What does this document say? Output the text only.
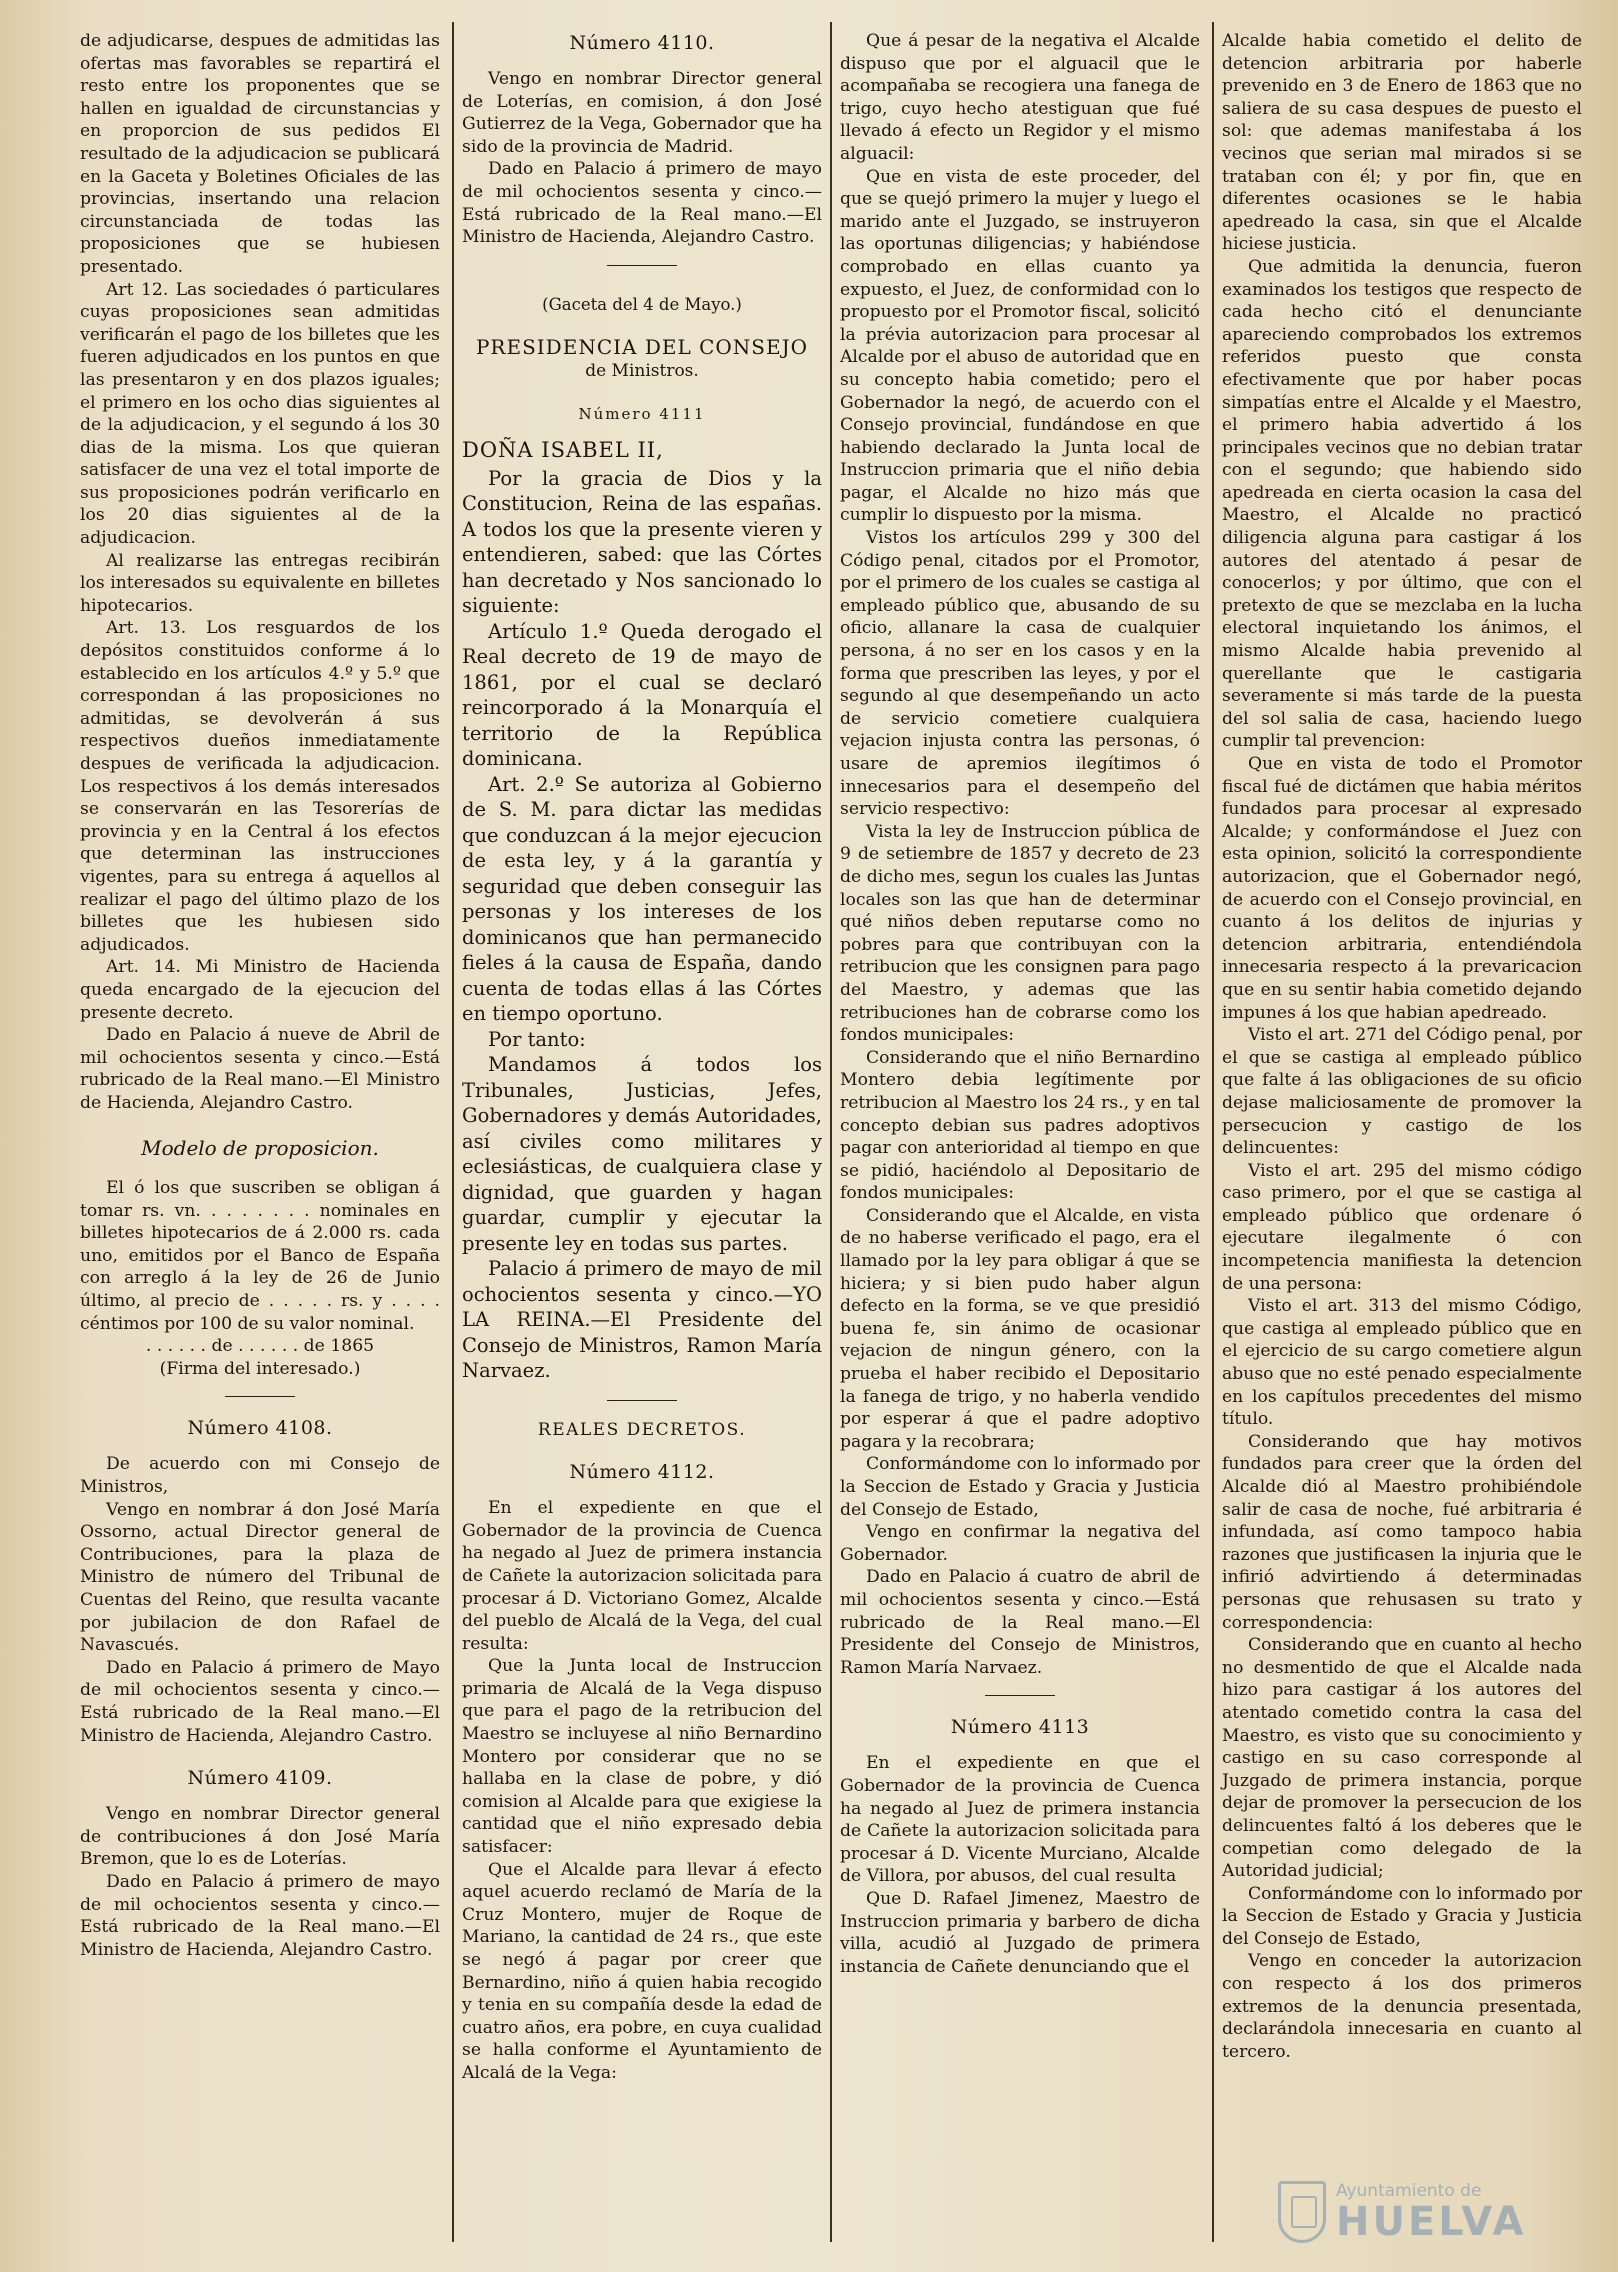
de adjudicarse, despues de admitidas las ofertas mas favorables se repartirá el resto entre los proponentes que se hallen en igualdad de circunstancias y en proporcion de sus pedidos El resultado de la adjudicacion se publicará en la Gaceta y Boletines Oficiales de las provincias, insertando una relacion circunstanciada de todas las proposiciones que se hubiesen presentado.

Art 12. Las sociedades ó particulares cuyas proposiciones sean admitidas verificarán el pago de los billetes que les fueren adjudicados en los puntos en que las presentaron y en dos plazos iguales; el primero en los ocho dias siguientes al de la adjudicacion, y el segundo á los 30 dias de la misma. Los que quieran satisfacer de una vez el total importe de sus proposiciones podrán verificarlo en los 20 dias siguientes al de la adjudicacion.

Al realizarse las entregas recibirán los interesados su equivalente en billetes hipotecarios.

Art. 13. Los resguardos de los depósitos constituidos conforme á lo establecido en los artículos 4.º y 5.º que correspondan á las proposiciones no admitidas, se devolverán á sus respectivos dueños inmediatamente despues de verificada la adjudicacion. Los respectivos á los demás interesados se conservarán en las Tesorerías de provincia y en la Central á los efectos que determinan las instrucciones vigentes, para su entrega á aquellos al realizar el pago del último plazo de los billetes que les hubiesen sido adjudicados.

Art. 14. Mi Ministro de Hacienda queda encargado de la ejecucion del presente decreto.

Dado en Palacio á nueve de Abril de mil ochocientos sesenta y cinco.—Está rubricado de la Real mano.—El Ministro de Hacienda, Alejandro Castro.

Modelo de proposicion.

El ó los que suscriben se obligan á tomar rs. vn. . . . . . . . nominales en billetes hipotecarios de á 2.000 rs. cada uno, emitidos por el Banco de España con arreglo á la ley de 26 de Junio último, al precio de . . . . . rs. y . . . . céntimos por 100 de su valor nominal.

. . . . . . de . . . . . . de 1865
(Firma del interesado.)
Número 4108.

De acuerdo con mi Consejo de Ministros,

Vengo en nombrar á don José María Ossorno, actual Director general de Contribuciones, para la plaza de Ministro de número del Tribunal de Cuentas del Reino, que resulta vacante por jubilacion de don Rafael de Navascués.

Dado en Palacio á primero de Mayo de mil ochocientos sesenta y cinco.—Está rubricado de la Real mano.—El Ministro de Hacienda, Alejandro Castro.

Número 4109.

Vengo en nombrar Director general de contribuciones á don José María Bremon, que lo es de Loterías.

Dado en Palacio á primero de mayo de mil ochocientos sesenta y cinco.—Está rubricado de la Real mano.—El Ministro de Hacienda, Alejandro Castro.

Número 4110.

Vengo en nombrar Director general de Loterías, en comision, á don José Gutierrez de la Vega, Gobernador que ha sido de la provincia de Madrid.

Dado en Palacio á primero de mayo de mil ochocientos sesenta y cinco.—Está rubricado de la Real mano.—El Ministro de Hacienda, Alejandro Castro.

(Gaceta del 4 de Mayo.)
PRESIDENCIA DEL CONSEJO
de Ministros.
Número 4111
DOÑA ISABEL II,

Por la gracia de Dios y la Constitucion, Reina de las españas. A todos los que la presente vieren y entendieren, sabed: que las Córtes han decretado y Nos sancionado lo siguiente:

Artículo 1.º Queda derogado el Real decreto de 19 de mayo de 1861, por el cual se declaró reincorporado á la Monarquía el territorio de la República dominicana.

Art. 2.º Se autoriza al Gobierno de S. M. para dictar las medidas que conduzcan á la mejor ejecucion de esta ley, y á la garantía y seguridad que deben conseguir las personas y los intereses de los dominicanos que han permanecido fieles á la causa de España, dando cuenta de todas ellas á las Córtes en tiempo oportuno.

Por tanto:

Mandamos á todos los Tribunales, Justicias, Jefes, Gobernadores y demás Autoridades, así civiles como militares y eclesiásticas, de cualquiera clase y dignidad, que guarden y hagan guardar, cumplir y ejecutar la presente ley en todas sus partes.

Palacio á primero de mayo de mil ochocientos sesenta y cinco.—YO LA REINA.—El Presidente del Consejo de Ministros, Ramon María Narvaez.

REALES DECRETOS.
Número 4112.

En el expediente en que el Gobernador de la provincia de Cuenca ha negado al Juez de primera instancia de Cañete la autorizacion solicitada para procesar á D. Victoriano Gomez, Alcalde del pueblo de Alcalá de la Vega, del cual resulta:

Que la Junta local de Instruccion primaria de Alcalá de la Vega dispuso que para el pago de la retribucion del Maestro se incluyese al niño Bernardino Montero por considerar que no se hallaba en la clase de pobre, y dió comision al Alcalde para que exigiese la cantidad que el niño expresado debia satisfacer:

Que el Alcalde para llevar á efecto aquel acuerdo reclamó de María de la Cruz Montero, mujer de Roque de Mariano, la cantidad de 24 rs., que este se negó á pagar por creer que Bernardino, niño á quien habia recogido y tenia en su compañía desde la edad de cuatro años, era pobre, en cuya cualidad se halla conforme el Ayuntamiento de Alcalá de la Vega:

Que á pesar de la negativa el Alcalde dispuso que por el alguacil que le acompañaba se recogiera una fanega de trigo, cuyo hecho atestiguan que fué llevado á efecto un Regidor y el mismo alguacil:

Que en vista de este proceder, del que se quejó primero la mujer y luego el marido ante el Juzgado, se instruyeron las oportunas diligencias; y habiéndose comprobado en ellas cuanto ya expuesto, el Juez, de conformidad con lo propuesto por el Promotor fiscal, solicitó la prévia autorizacion para procesar al Alcalde por el abuso de autoridad que en su concepto habia cometido; pero el Gobernador la negó, de acuerdo con el Consejo provincial, fundándose en que habiendo declarado la Junta local de Instruccion primaria que el niño debia pagar, el Alcalde no hizo más que cumplir lo dispuesto por la misma.

Vistos los artículos 299 y 300 del Código penal, citados por el Promotor, por el primero de los cuales se castiga al empleado público que, abusando de su oficio, allanare la casa de cualquier persona, á no ser en los casos y en la forma que prescriben las leyes, y por el segundo al que desempeñando un acto de servicio cometiere cualquiera vejacion injusta contra las personas, ó usare de apremios ilegítimos ó innecesarios para el desempeño del servicio respectivo:

Vista la ley de Instruccion pública de 9 de setiembre de 1857 y decreto de 23 de dicho mes, segun los cuales las Juntas locales son las que han de determinar qué niños deben reputarse como no pobres para que contribuyan con la retribucion que les consignen para pago del Maestro, y ademas que las retribuciones han de cobrarse como los fondos municipales:

Considerando que el niño Bernardino Montero debia legítimente por retribucion al Maestro los 24 rs., y en tal concepto debian sus padres adoptivos pagar con anterioridad al tiempo en que se pidió, haciéndolo al Depositario de fondos municipales:

Considerando que el Alcalde, en vista de no haberse verificado el pago, era el llamado por la ley para obligar á que se hiciera; y si bien pudo haber algun defecto en la forma, se ve que presidió buena fe, sin ánimo de ocasionar vejacion de ningun género, con la prueba el haber recibido el Depositario la fanega de trigo, y no haberla vendido por esperar á que el padre adoptivo pagara y la recobrara;

Conformándome con lo informado por la Seccion de Estado y Gracia y Justicia del Consejo de Estado,

Vengo en confirmar la negativa del Gobernador.

Dado en Palacio á cuatro de abril de mil ochocientos sesenta y cinco.—Está rubricado de la Real mano.—El Presidente del Consejo de Ministros, Ramon María Narvaez.

Número 4113

En el expediente en que el Gobernador de la provincia de Cuenca ha negado al Juez de primera instancia de Cañete la autorizacion solicitada para procesar á D. Vicente Murciano, Alcalde de Villora, por abusos, del cual resulta

Que D. Rafael Jimenez, Maestro de Instruccion primaria y barbero de dicha villa, acudió al Juzgado de primera instancia de Cañete denunciando que el

Alcalde habia cometido el delito de detencion arbitraria por haberle prevenido en 3 de Enero de 1863 que no saliera de su casa despues de puesto el sol: que ademas manifestaba á los vecinos que serian mal mirados si se trataban con él; y por fin, que en diferentes ocasiones se le habia apedreado la casa, sin que el Alcalde hiciese justicia.

Que admitida la denuncia, fueron examinados los testigos que respecto de cada hecho citó el denunciante apareciendo comprobados los extremos referidos puesto que consta efectivamente que por haber pocas simpatías entre el Alcalde y el Maestro, el primero habia advertido á los principales vecinos que no debian tratar con el segundo; que habiendo sido apedreada en cierta ocasion la casa del Maestro, el Alcalde no practicó diligencia alguna para castigar á los autores del atentado á pesar de conocerlos; y por último, que con el pretexto de que se mezclaba en la lucha electoral inquietando los ánimos, el mismo Alcalde habia prevenido al querellante que le castigaria severamente si más tarde de la puesta del sol salia de casa, haciendo luego cumplir tal prevencion:

Que en vista de todo el Promotor fiscal fué de dictámen que habia méritos fundados para procesar al expresado Alcalde; y conformándose el Juez con esta opinion, solicitó la correspondiente autorizacion, que el Gobernador negó, de acuerdo con el Consejo provincial, en cuanto á los delitos de injurias y detencion arbitraria, entendiéndola innecesaria respecto á la prevaricacion que en su sentir habia cometido dejando impunes á los que habian apedreado.

Visto el art. 271 del Código penal, por el que se castiga al empleado público que falte á las obligaciones de su oficio dejase maliciosamente de promover la persecucion y castigo de los delincuentes:

Visto el art. 295 del mismo código caso primero, por el que se castiga al empleado público que ordenare ó ejecutare ilegalmente ó con incompetencia manifiesta la detencion de una persona:

Visto el art. 313 del mismo Código, que castiga al empleado público que en el ejercicio de su cargo cometiere algun abuso que no esté penado especialmente en los capítulos precedentes del mismo título.

Considerando que hay motivos fundados para creer que la órden del Alcalde dió al Maestro prohibiéndole salir de casa de noche, fué arbitraria é infundada, así como tampoco habia razones que justificasen la injuria que le infirió advirtiendo á determinadas personas que rehusasen su trato y correspondencia:

Considerando que en cuanto al hecho no desmentido de que el Alcalde nada hizo para castigar á los autores del atentado cometido contra la casa del Maestro, es visto que su conocimiento y castigo en su caso corresponde al Juzgado de primera instancia, porque dejar de promover la persecucion de los delincuentes faltó á los deberes que le competian como delegado de la Autoridad judicial;

Conformándome con lo informado por la Seccion de Estado y Gracia y Justicia del Consejo de Estado,

Vengo en conceder la autorizacion con respecto á los dos primeros extremos de la denuncia presentada, declarándola innecesaria en cuanto al tercero.

Ayuntamiento de
HUELVA
